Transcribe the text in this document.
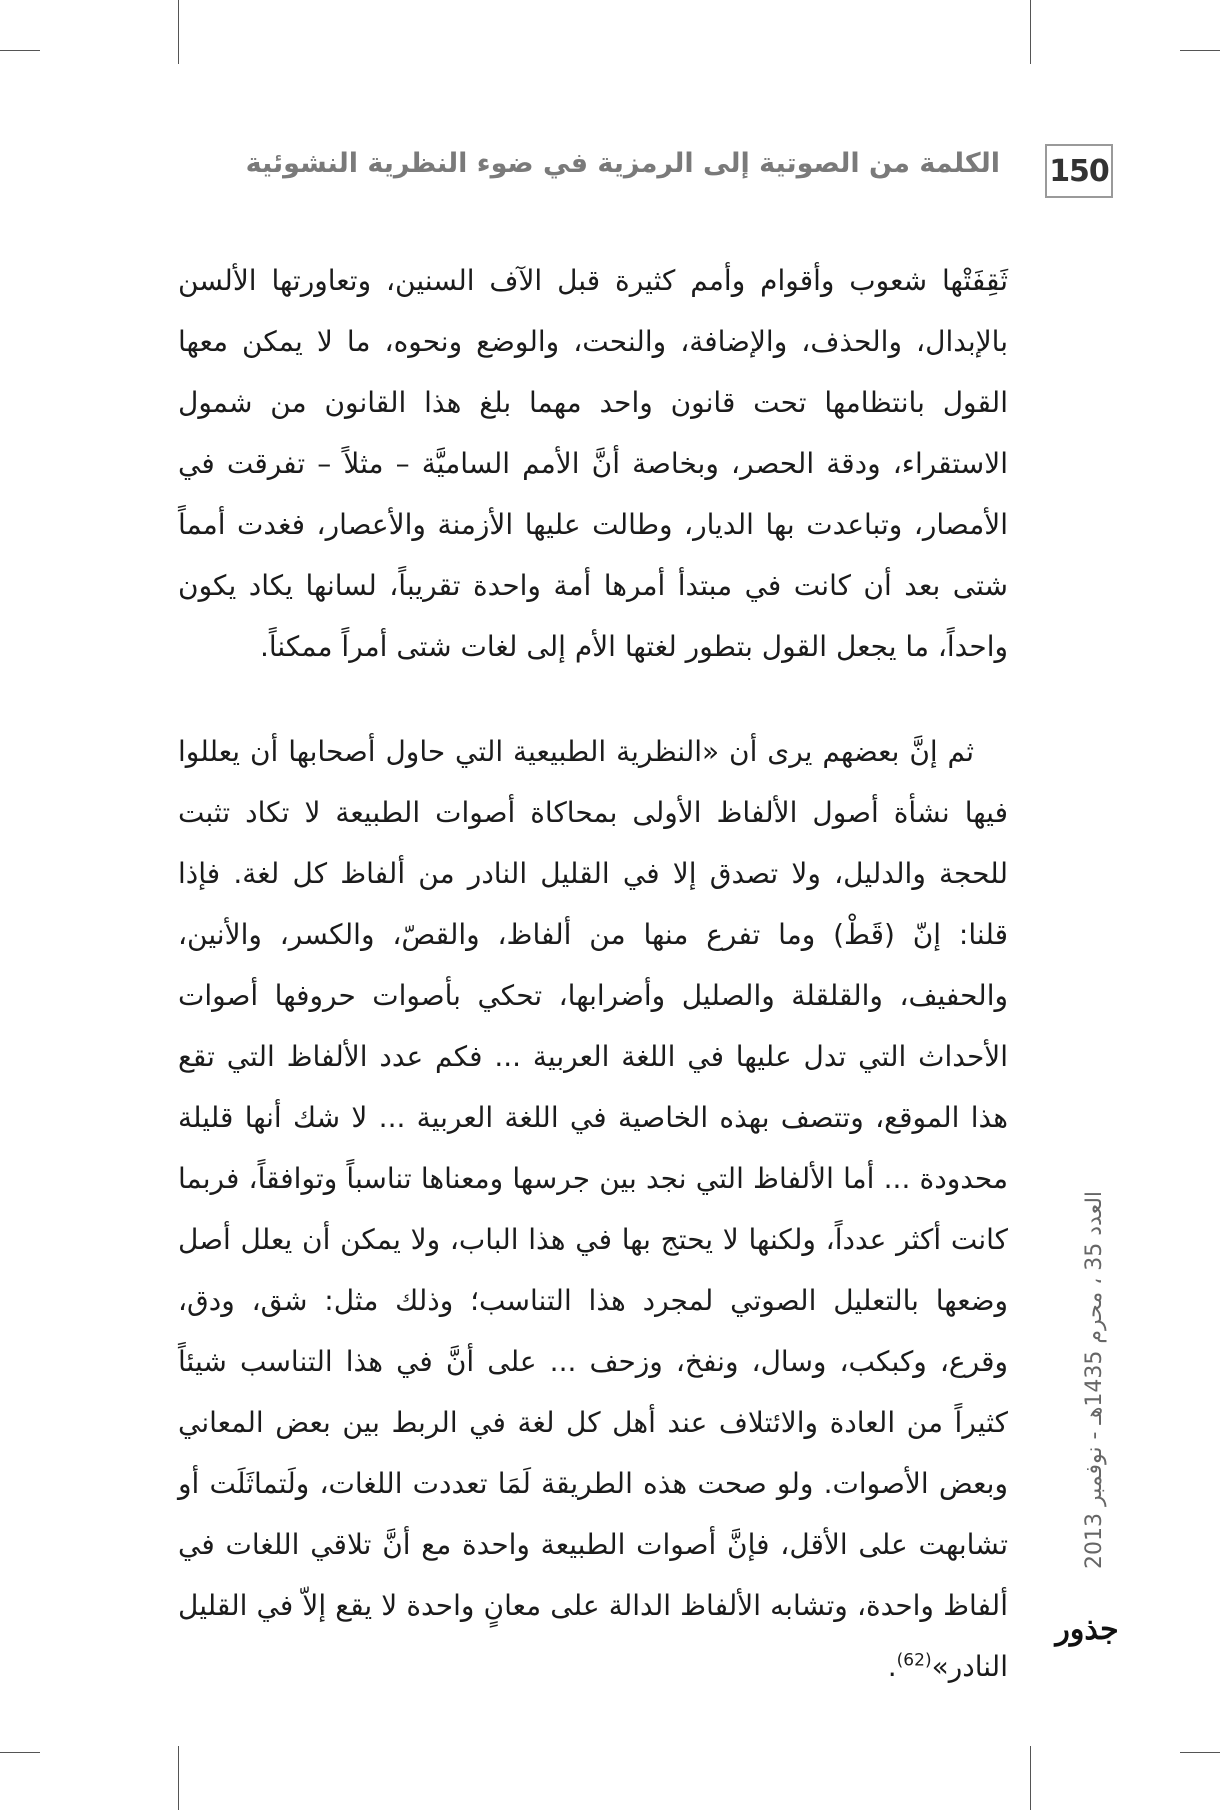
150
الكلمة من الصوتية إلى الرمزية في ضوء النظرية النشوئية

ثَقِفَتْها شعوب وأقوام وأمم كثيرة قبل الآف السنين، وتعاورتها الألسن بالإبدال، والحذف، والإضافة، والنحت، والوضع ونحوه، ما لا يمكن معها القول بانتظامها تحت قانون واحد مهما بلغ هذا القانون من شمول الاستقراء، ودقة الحصر، وبخاصة أنَّ الأمم الساميَّة – مثلاً – تفرقت في الأمصار، وتباعدت بها الديار، وطالت عليها الأزمنة والأعصار، فغدت أمماً شتى بعد أن كانت في مبتدأ أمرها أمة واحدة تقريباً، لسانها يكاد يكون واحداً، ما يجعل القول بتطور لغتها الأم إلى لغات شتى أمراً ممكناً.

ثم إنَّ بعضهم يرى أن «النظرية الطبيعية التي حاول أصحابها أن يعللوا فيها نشأة أصول الألفاظ الأولى بمحاكاة أصوات الطبيعة لا تكاد تثبت للحجة والدليل، ولا تصدق إلا في القليل النادر من ألفاظ كل لغة. فإذا قلنا: إنّ (قَطْ) وما تفرع منها من ألفاظ، والقصّ، والكسر، والأنين، والحفيف، والقلقلة والصليل وأضرابها، تحكي بأصوات حروفها أصوات الأحداث التي تدل عليها في اللغة العربية ... فكم عدد الألفاظ التي تقع هذا الموقع، وتتصف بهذه الخاصية في اللغة العربية ... لا شك أنها قليلة محدودة ... أما الألفاظ التي نجد بين جرسها ومعناها تناسباً وتوافقاً، فربما كانت أكثر عدداً، ولكنها لا يحتج بها في هذا الباب، ولا يمكن أن يعلل أصل وضعها بالتعليل الصوتي لمجرد هذا التناسب؛ وذلك مثل: شق، ودق، وقرع، وكبكب، وسال، ونفخ، وزحف ... على أنَّ في هذا التناسب شيئاً كثيراً من العادة والائتلاف عند أهل كل لغة في الربط بين بعض المعاني وبعض الأصوات. ولو صحت هذه الطريقة لَمَا تعددت اللغات، ولَتماثَلَت أو تشابهت على الأقل، فإنَّ أصوات الطبيعة واحدة مع أنَّ تلاقي اللغات في ألفاظ واحدة، وتشابه الألفاظ الدالة على معانٍ واحدة لا يقع إلاّ في القليل النادر»$^{(62)}$.

العدد 35 ، محرم 1435هـ - نوفمبر 2013
جذور
